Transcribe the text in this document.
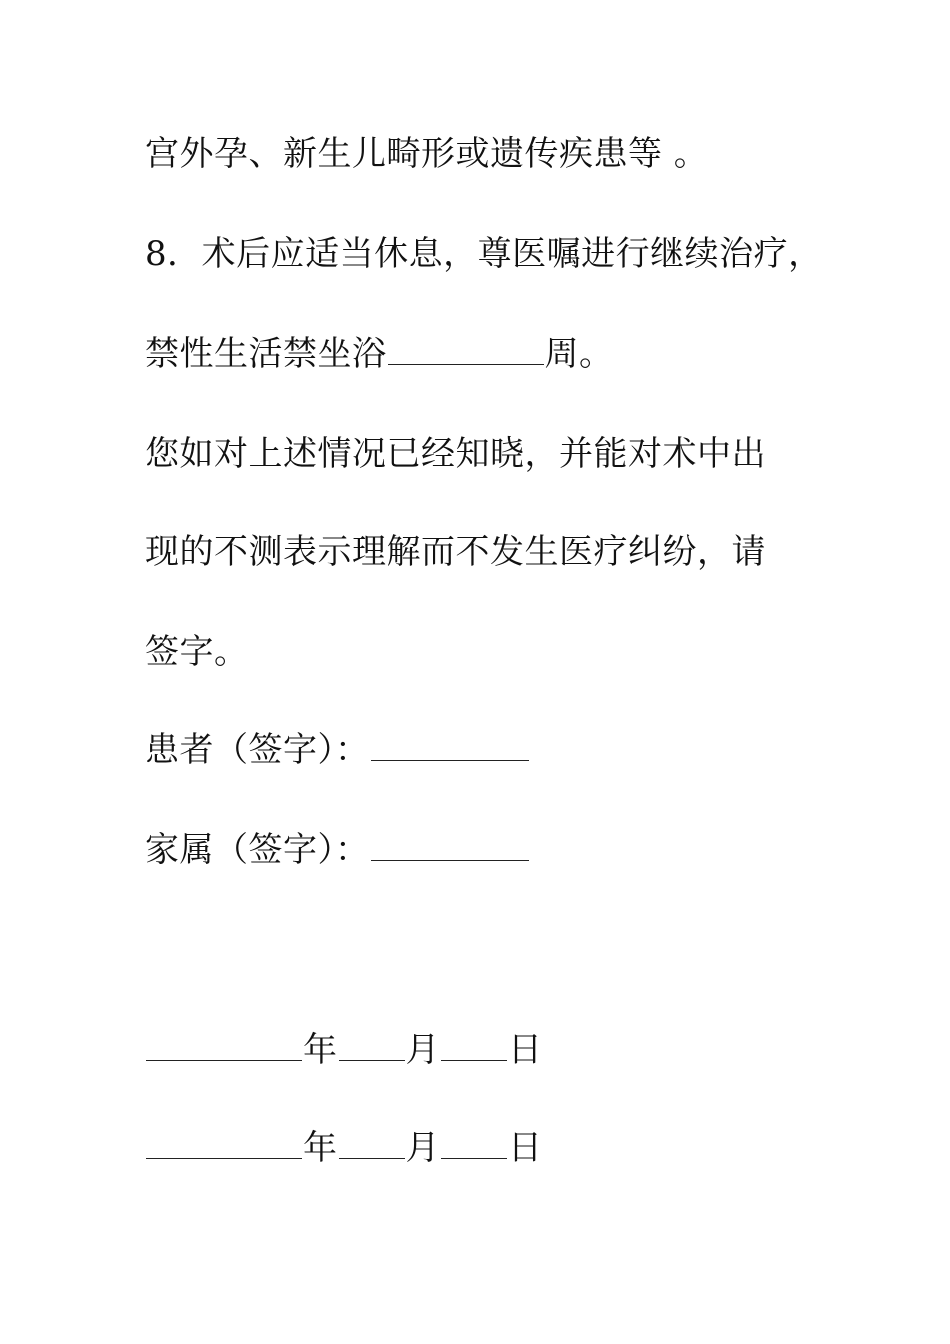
宫外孕、新生儿畸形或遗传疾患等 。
8．术后应适当休息，尊医嘱进行继续治疗，
禁性生活禁坐浴	周。
您如对上述情况已经知晓，并能对术中出
现的不测表示理解而不发生医疗纠纷，请
签字。
患者（签字）：
家属（签字）：
年 月 日
年 月 日
